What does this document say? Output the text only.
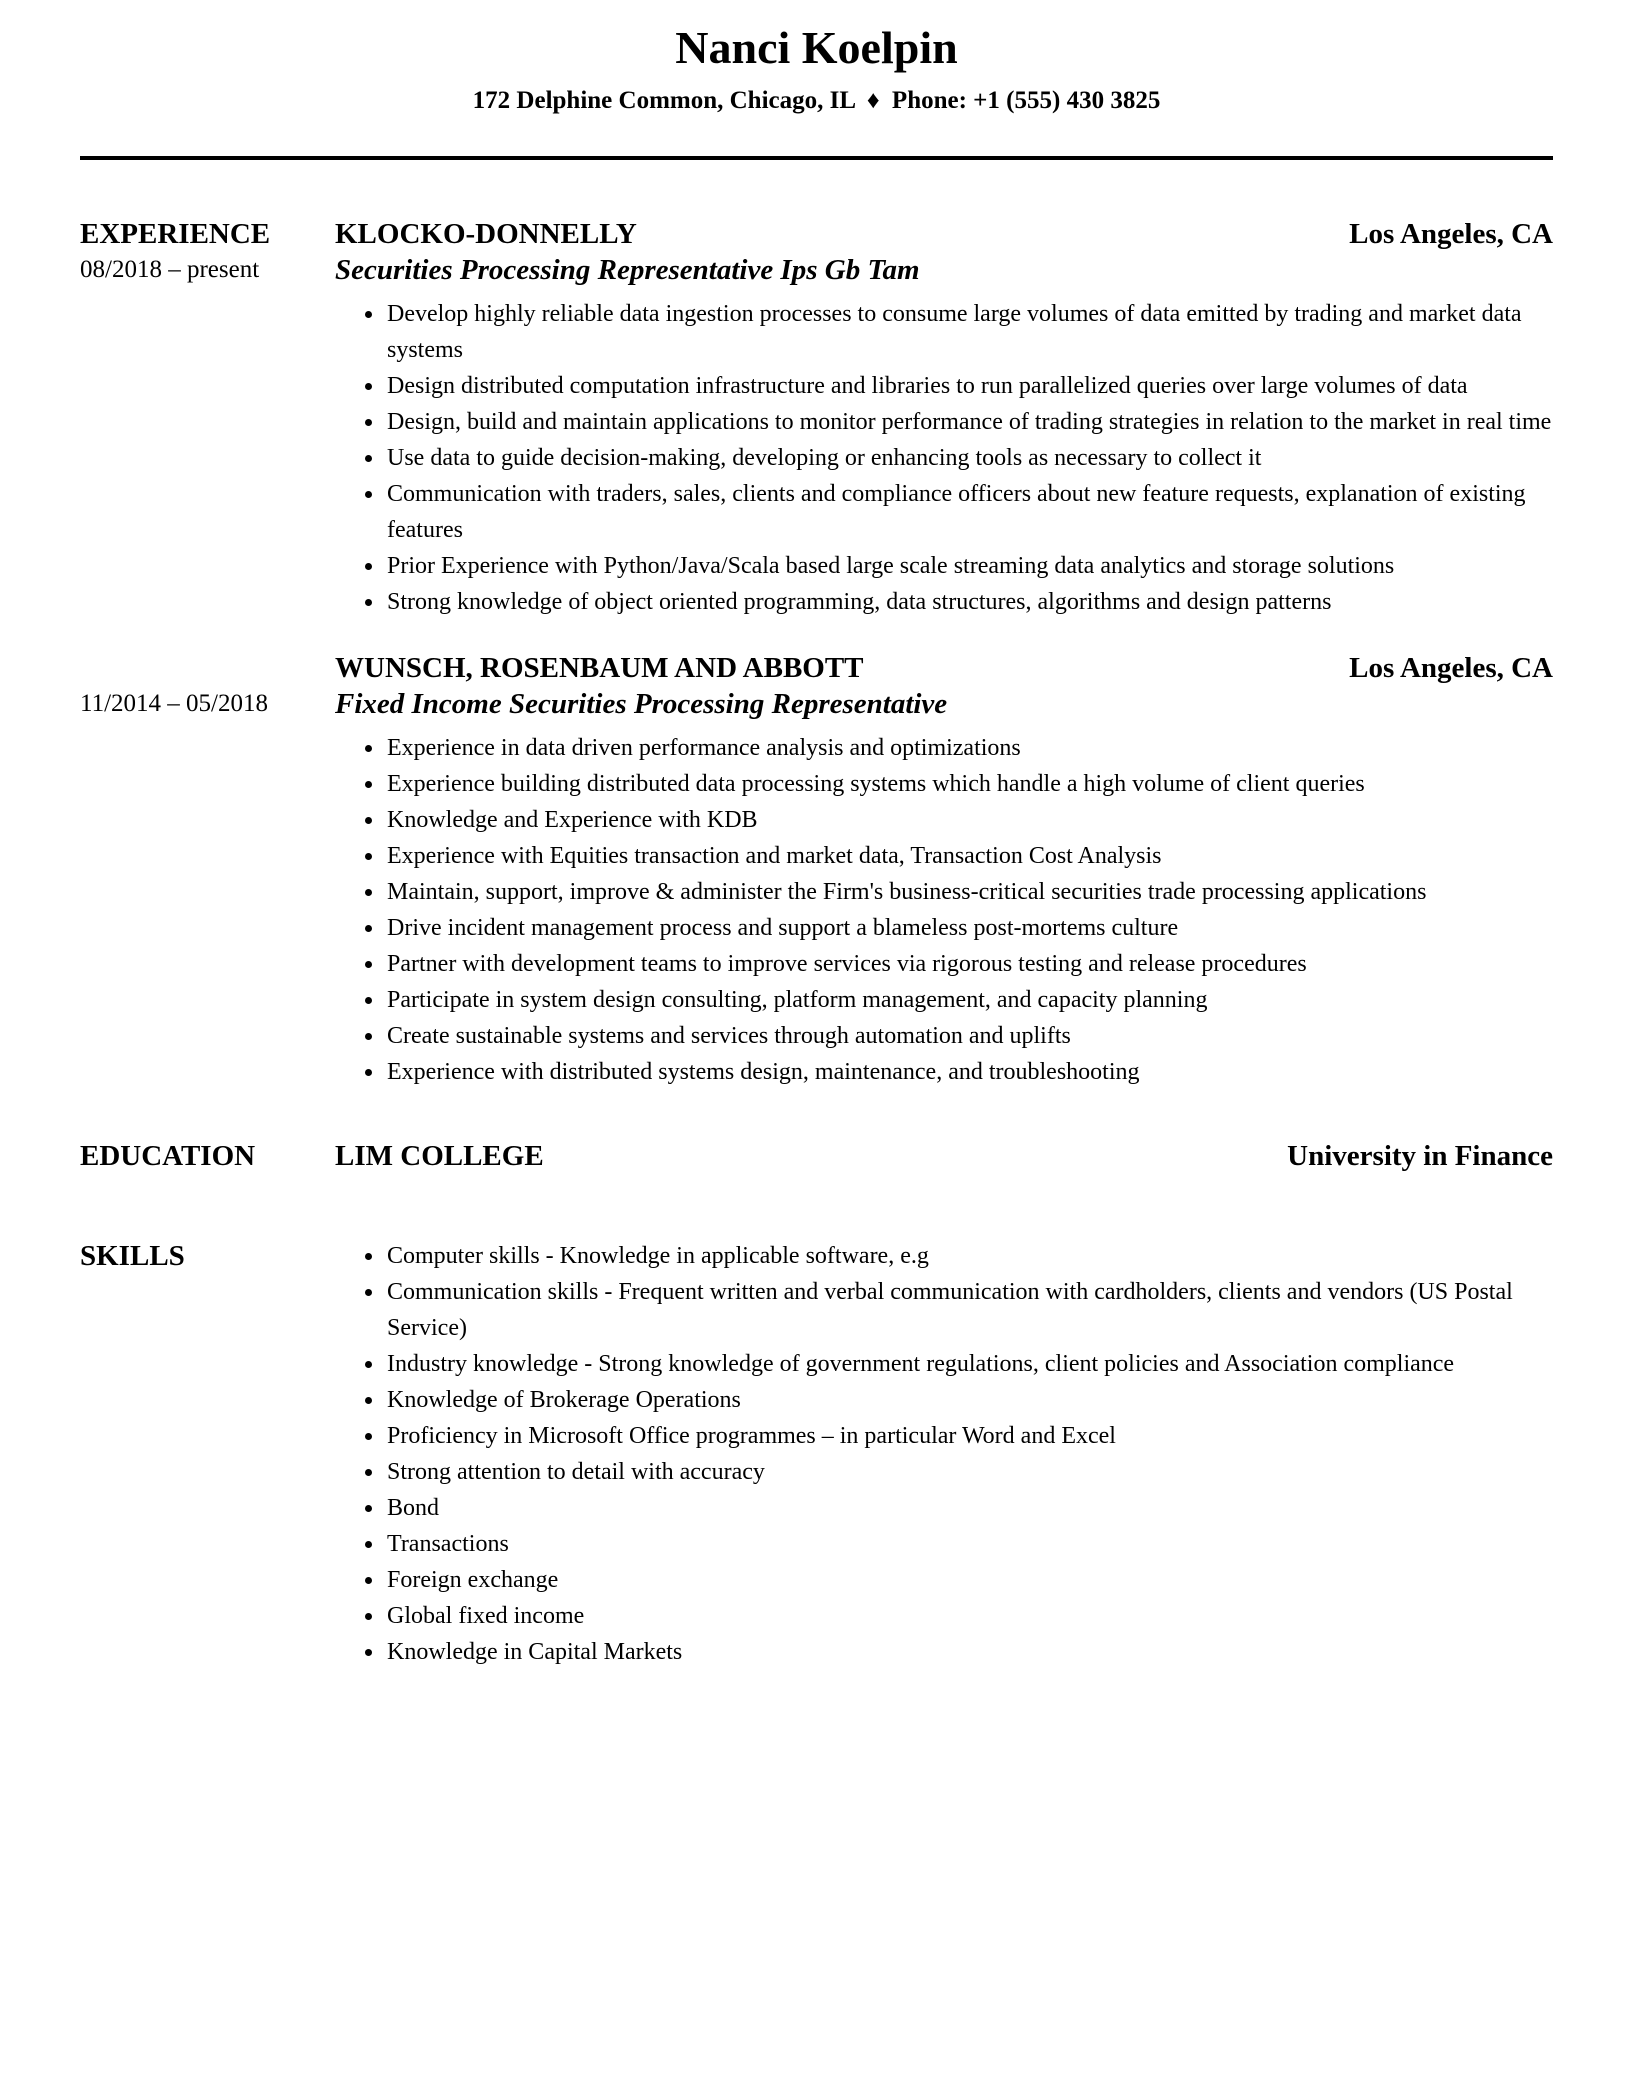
Nanci Koelpin
172 Delphine Common, Chicago, IL ♦ Phone: +1 (555) 430 3825
EXPERIENCE
08/2018 – present
KLOCKO-DONNELLY	Los Angeles, CA
Securities Processing Representative Ips Gb Tam
• Develop highly reliable data ingestion processes to consume large volumes of data emitted by trading and market data systems
• Design distributed computation infrastructure and libraries to run parallelized queries over large volumes of data
• Design, build and maintain applications to monitor performance of trading strategies in relation to the market in real time
• Use data to guide decision-making, developing or enhancing tools as necessary to collect it
• Communication with traders, sales, clients and compliance officers about new feature requests, explanation of existing features
• Prior Experience with Python/Java/Scala based large scale streaming data analytics and storage solutions
• Strong knowledge of object oriented programming, data structures, algorithms and design patterns
11/2014 – 05/2018
WUNSCH, ROSENBAUM AND ABBOTT	Los Angeles, CA
Fixed Income Securities Processing Representative
• Experience in data driven performance analysis and optimizations
• Experience building distributed data processing systems which handle a high volume of client queries
• Knowledge and Experience with KDB
• Experience with Equities transaction and market data, Transaction Cost Analysis
• Maintain, support, improve & administer the Firm's business-critical securities trade processing applications
• Drive incident management process and support a blameless post-mortems culture
• Partner with development teams to improve services via rigorous testing and release procedures
• Participate in system design consulting, platform management, and capacity planning
• Create sustainable systems and services through automation and uplifts
• Experience with distributed systems design, maintenance, and troubleshooting
EDUCATION	LIM COLLEGE	University in Finance
SKILLS	• Computer skills - Knowledge in applicable software, e.g
• Communication skills - Frequent written and verbal communication with cardholders, clients and vendors (US Postal Service)
• Industry knowledge - Strong knowledge of government regulations, client policies and Association compliance
• Knowledge of Brokerage Operations
• Proficiency in Microsoft Office programmes – in particular Word and Excel
• Strong attention to detail with accuracy
• Bond
• Transactions
• Foreign exchange
• Global fixed income
• Knowledge in Capital Markets
